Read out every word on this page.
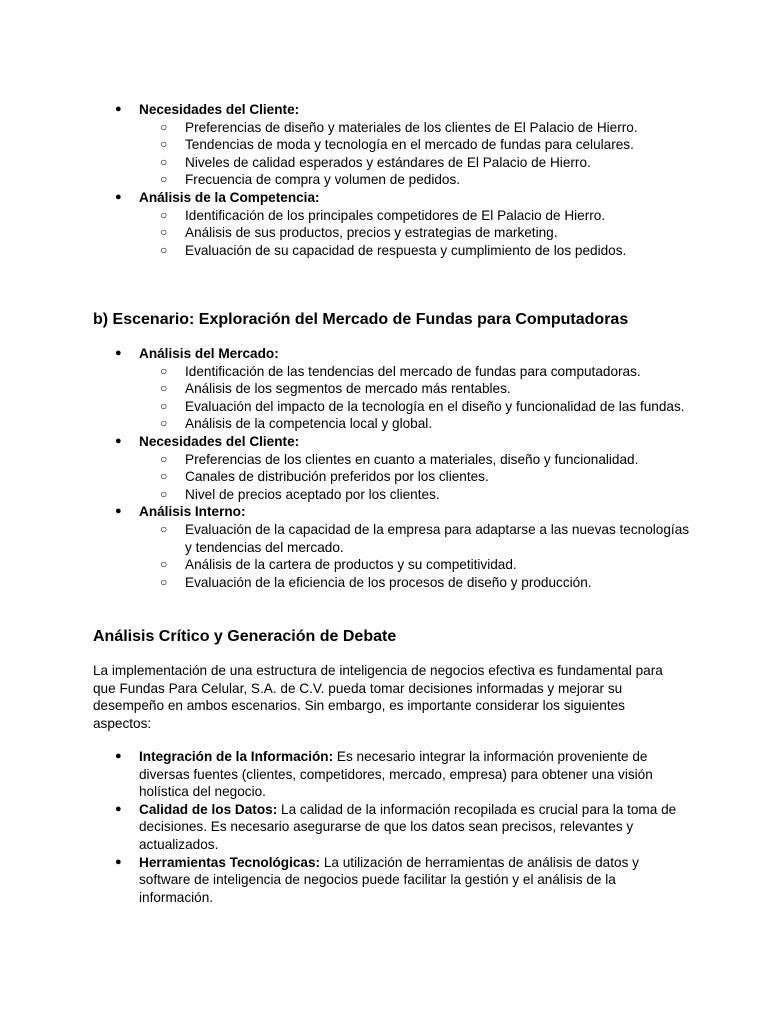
● Necesidades del Cliente:
○ Preferencias de diseño y materiales de los clientes de El Palacio de Hierro.
○ Tendencias de moda y tecnología en el mercado de fundas para celulares.
○ Niveles de calidad esperados y estándares de El Palacio de Hierro.
○ Frecuencia de compra y volumen de pedidos.
● Análisis de la Competencia:
○ Identificación de los principales competidores de El Palacio de Hierro.
○ Análisis de sus productos, precios y estrategias de marketing.
○ Evaluación de su capacidad de respuesta y cumplimiento de los pedidos.
b) Escenario: Exploración del Mercado de Fundas para Computadoras
● Análisis del Mercado:
○ Identificación de las tendencias del mercado de fundas para computadoras.
○ Análisis de los segmentos de mercado más rentables.
○ Evaluación del impacto de la tecnología en el diseño y funcionalidad de las fundas.
○ Análisis de la competencia local y global.
● Necesidades del Cliente:
○ Preferencias de los clientes en cuanto a materiales, diseño y funcionalidad.
○ Canales de distribución preferidos por los clientes.
○ Nivel de precios aceptado por los clientes.
● Análisis Interno:
○ Evaluación de la capacidad de la empresa para adaptarse a las nuevas tecnologías y tendencias del mercado.
○ Análisis de la cartera de productos y su competitividad.
○ Evaluación de la eficiencia de los procesos de diseño y producción.
Análisis Crítico y Generación de Debate

La implementación de una estructura de inteligencia de negocios efectiva es fundamental para que Fundas Para Celular, S.A. de C.V. pueda tomar decisiones informadas y mejorar su desempeño en ambos escenarios. Sin embargo, es importante considerar los siguientes aspectos:

● Integración de la Información: Es necesario integrar la información proveniente de diversas fuentes (clientes, competidores, mercado, empresa) para obtener una visión holística del negocio.
● Calidad de los Datos: La calidad de la información recopilada es crucial para la toma de decisiones. Es necesario asegurarse de que los datos sean precisos, relevantes y actualizados.
● Herramientas Tecnológicas: La utilización de herramientas de análisis de datos y software de inteligencia de negocios puede facilitar la gestión y el análisis de la información.
